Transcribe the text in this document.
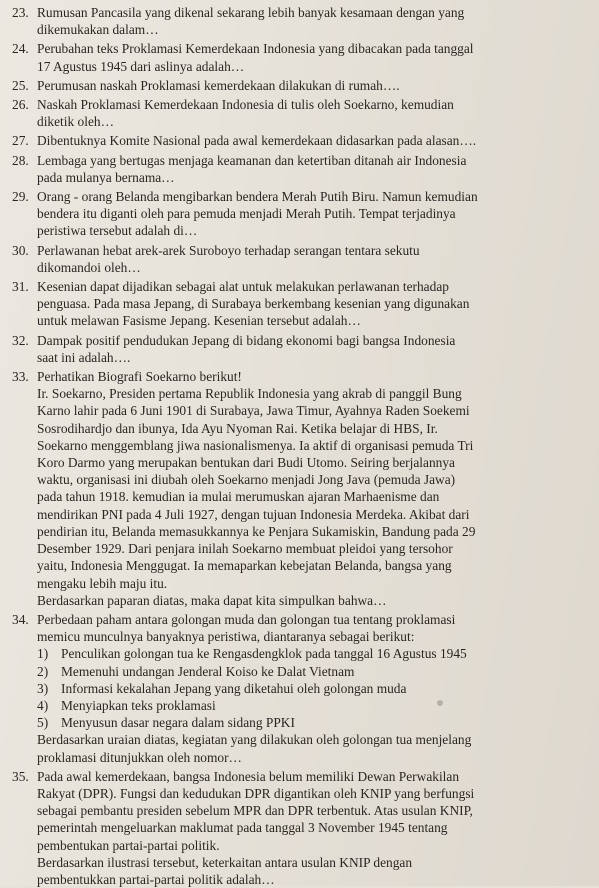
23. Rumusan Pancasila yang dikenal sekarang lebih banyak kesamaan dengan yang
dikemukakan dalam…
24. Perubahan teks Proklamasi Kemerdekaan Indonesia yang dibacakan pada tanggal
17 Agustus 1945 dari aslinya adalah…
25. Perumusan naskah Proklamasi kemerdekaan dilakukan di rumah….
26. Naskah Proklamasi Kemerdekaan Indonesia di tulis oleh Soekarno, kemudian
diketik oleh…
27. Dibentuknya Komite Nasional pada awal kemerdekaan didasarkan pada alasan….
28. Lembaga yang bertugas menjaga keamanan dan ketertiban ditanah air Indonesia
pada mulanya bernama…
29. Orang - orang Belanda mengibarkan bendera Merah Putih Biru. Namun kemudian
bendera itu diganti oleh para pemuda menjadi Merah Putih. Tempat terjadinya
peristiwa tersebut adalah di…
30. Perlawanan hebat arek-arek Suroboyo terhadap serangan tentara sekutu
dikomandoi oleh…
31. Kesenian dapat dijadikan sebagai alat untuk melakukan perlawanan terhadap
penguasa. Pada masa Jepang, di Surabaya berkembang kesenian yang digunakan
untuk melawan Fasisme Jepang. Kesenian tersebut adalah…
32. Dampak positif pendudukan Jepang di bidang ekonomi bagi bangsa Indonesia
saat ini adalah….
33. Perhatikan Biografi Soekarno berikut!
Ir. Soekarno, Presiden pertama Republik Indonesia yang akrab di panggil Bung
Karno lahir pada 6 Juni 1901 di Surabaya, Jawa Timur, Ayahnya Raden Soekemi
Sosrodihardjo dan ibunya, Ida Ayu Nyoman Rai. Ketika belajar di HBS, Ir.
Soekarno menggemblang jiwa nasionalismenya. Ia aktif di organisasi pemuda Tri
Koro Darmo yang merupakan bentukan dari Budi Utomo. Seiring berjalannya
waktu, organisasi ini diubah oleh Soekarno menjadi Jong Java (pemuda Jawa)
pada tahun 1918. kemudian ia mulai merumuskan ajaran Marhaenisme dan
mendirikan PNI pada 4 Juli 1927, dengan tujuan Indonesia Merdeka. Akibat dari
pendirian itu, Belanda memasukkannya ke Penjara Sukamiskin, Bandung pada 29
Desember 1929. Dari penjara inilah Soekarno membuat pleidoi yang tersohor
yaitu, Indonesia Menggugat. Ia memaparkan kebejatan Belanda, bangsa yang
mengaku lebih maju itu.
Berdasarkan paparan diatas, maka dapat kita simpulkan bahwa…
34. Perbedaan paham antara golongan muda dan golongan tua tentang proklamasi
memicu munculnya banyaknya peristiwa, diantaranya sebagai berikut:
1) Penculikan golongan tua ke Rengasdengklok pada tanggal 16 Agustus 1945
2) Memenuhi undangan Jenderal Koiso ke Dalat Vietnam
3) Informasi kekalahan Jepang yang diketahui oleh golongan muda
4) Menyiapkan teks proklamasi
5) Menyusun dasar negara dalam sidang PPKI
Berdasarkan uraian diatas, kegiatan yang dilakukan oleh golongan tua menjelang
proklamasi ditunjukkan oleh nomor…
35. Pada awal kemerdekaan, bangsa Indonesia belum memiliki Dewan Perwakilan
Rakyat (DPR). Fungsi dan kedudukan DPR digantikan oleh KNIP yang berfungsi
sebagai pembantu presiden sebelum MPR dan DPR terbentuk. Atas usulan KNIP,
pemerintah mengeluarkan maklumat pada tanggal 3 November 1945 tentang
pembentukan partai-partai politik.
Berdasarkan ilustrasi tersebut, keterkaitan antara usulan KNIP dengan
pembentukkan partai-partai politik adalah…
